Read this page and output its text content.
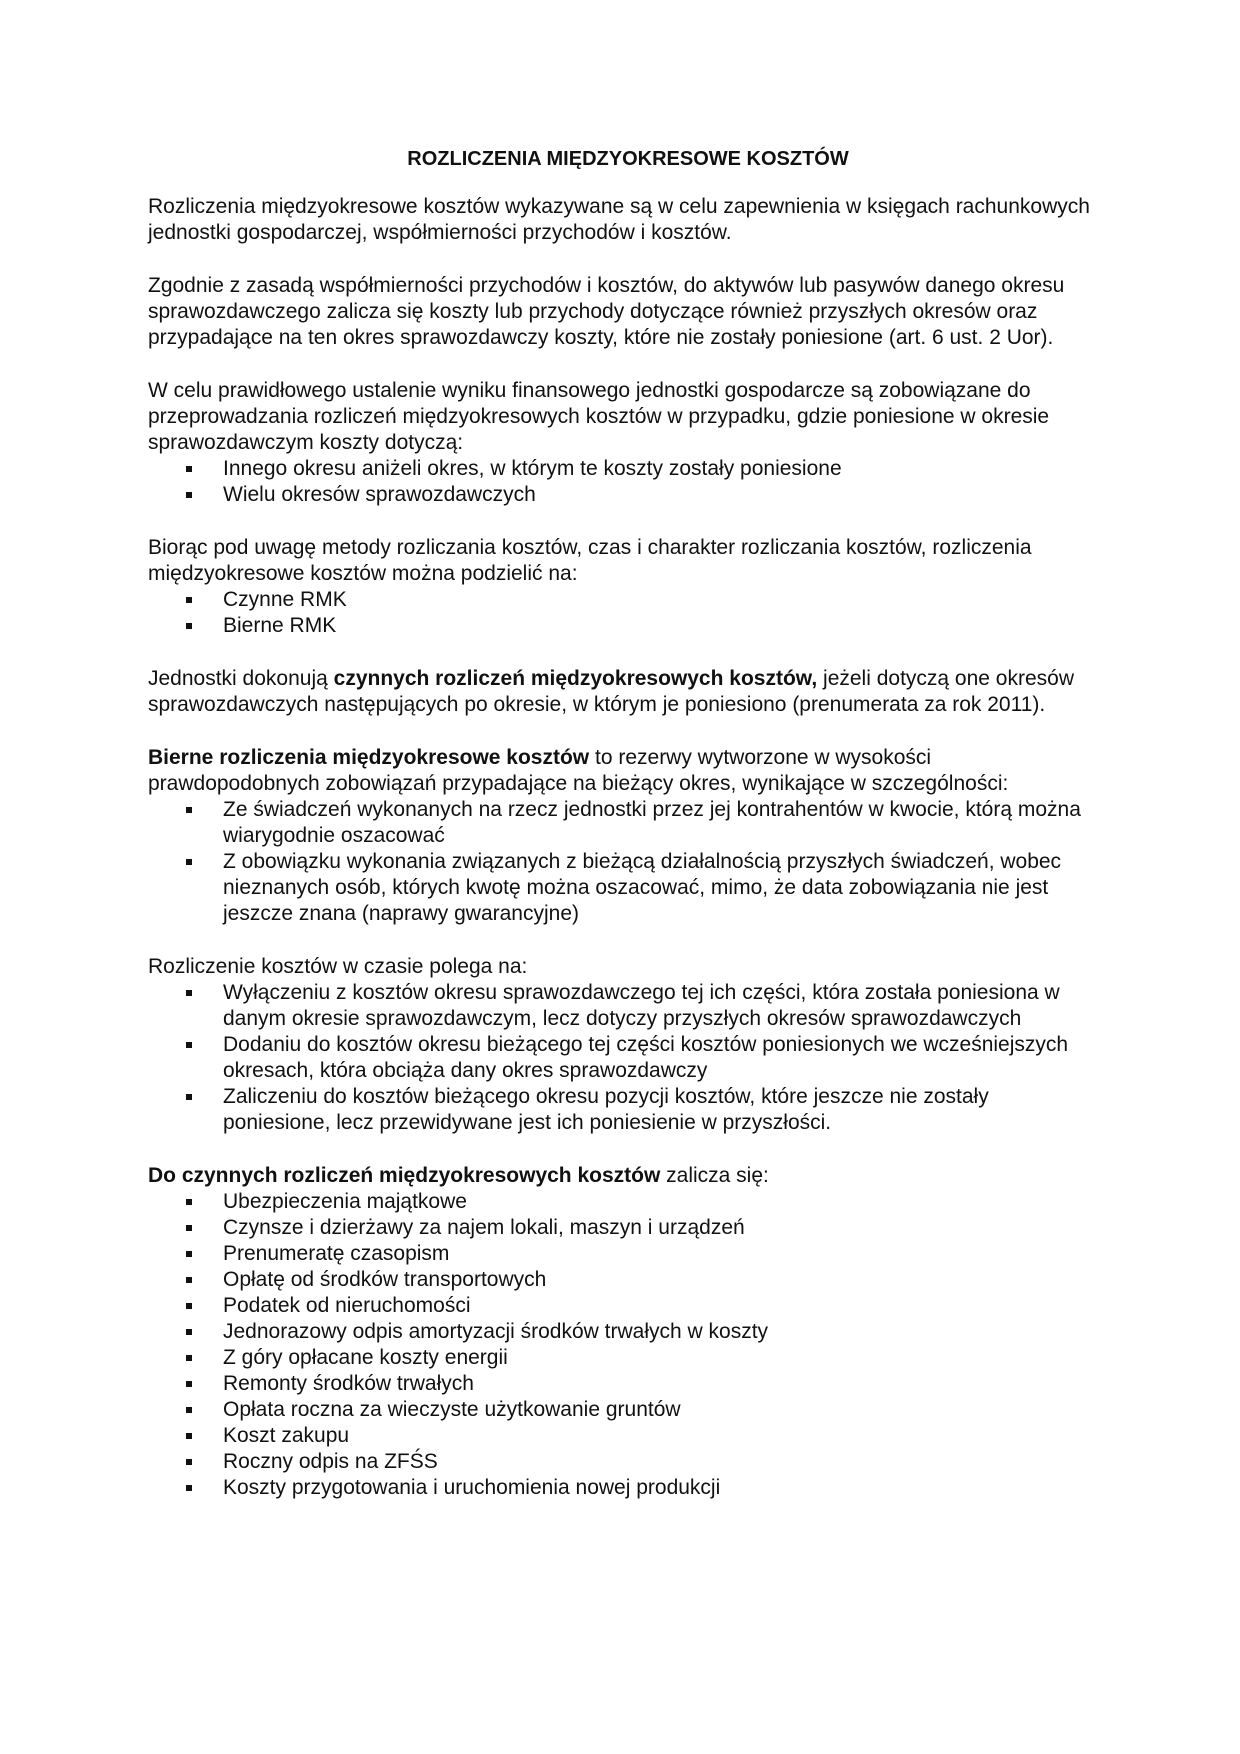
ROZLICZENIA MIĘDZYOKRESOWE KOSZTÓW

Rozliczenia międzyokresowe kosztów wykazywane są w celu zapewnienia w księgach rachunkowych jednostki gospodarczej, współmierności przychodów i kosztów.

Zgodnie z zasadą współmierności przychodów i kosztów, do aktywów lub pasywów danego okresu sprawozdawczego zalicza się koszty lub przychody dotyczące również przyszłych okresów oraz przypadające na ten okres sprawozdawczy koszty, które nie zostały poniesione (art. 6 ust. 2 Uor).

W celu prawidłowego ustalenie wyniku finansowego jednostki gospodarcze są zobowiązane do przeprowadzania rozliczeń międzyokresowych kosztów w przypadku, gdzie poniesione w okresie sprawozdawczym koszty dotyczą:

Innego okresu aniżeli okres, w którym te koszty zostały poniesione
Wielu okresów sprawozdawczych

Biorąc pod uwagę metody rozliczania kosztów, czas i charakter rozliczania kosztów, rozliczenia międzyokresowe kosztów można podzielić na:

Czynne RMK
Bierne RMK

Jednostki dokonują czynnych rozliczeń międzyokresowych kosztów, jeżeli dotyczą one okresów sprawozdawczych następujących po okresie, w którym je poniesiono (prenumerata za rok 2011).

Bierne rozliczenia międzyokresowe kosztów to rezerwy wytworzone w wysokości prawdopodobnych zobowiązań przypadające na bieżący okres, wynikające w szczególności:

Ze świadczeń wykonanych na rzecz jednostki przez jej kontrahentów w kwocie, którą można wiarygodnie oszacować
Z obowiązku wykonania związanych z bieżącą działalnością przyszłych świadczeń, wobec nieznanych osób, których kwotę można oszacować, mimo, że data zobowiązania nie jest jeszcze znana (naprawy gwarancyjne)

Rozliczenie kosztów w czasie polega na:

Wyłączeniu z kosztów okresu sprawozdawczego tej ich części, która została poniesiona w danym okresie sprawozdawczym, lecz dotyczy przyszłych okresów sprawozdawczych
Dodaniu do kosztów okresu bieżącego tej części kosztów poniesionych we wcześniejszych okresach, która obciąża dany okres sprawozdawczy
Zaliczeniu do kosztów bieżącego okresu pozycji kosztów, które jeszcze nie zostały poniesione, lecz przewidywane jest ich poniesienie w przyszłości.

Do czynnych rozliczeń międzyokresowych kosztów zalicza się:

Ubezpieczenia majątkowe
Czynsze i dzierżawy za najem lokali, maszyn i urządzeń
Prenumeratę czasopism
Opłatę od środków transportowych
Podatek od nieruchomości
Jednorazowy odpis amortyzacji środków trwałych w koszty
Z góry opłacane koszty energii
Remonty środków trwałych
Opłata roczna za wieczyste użytkowanie gruntów
Koszt zakupu
Roczny odpis na ZFŚS
Koszty przygotowania i uruchomienia nowej produkcji
